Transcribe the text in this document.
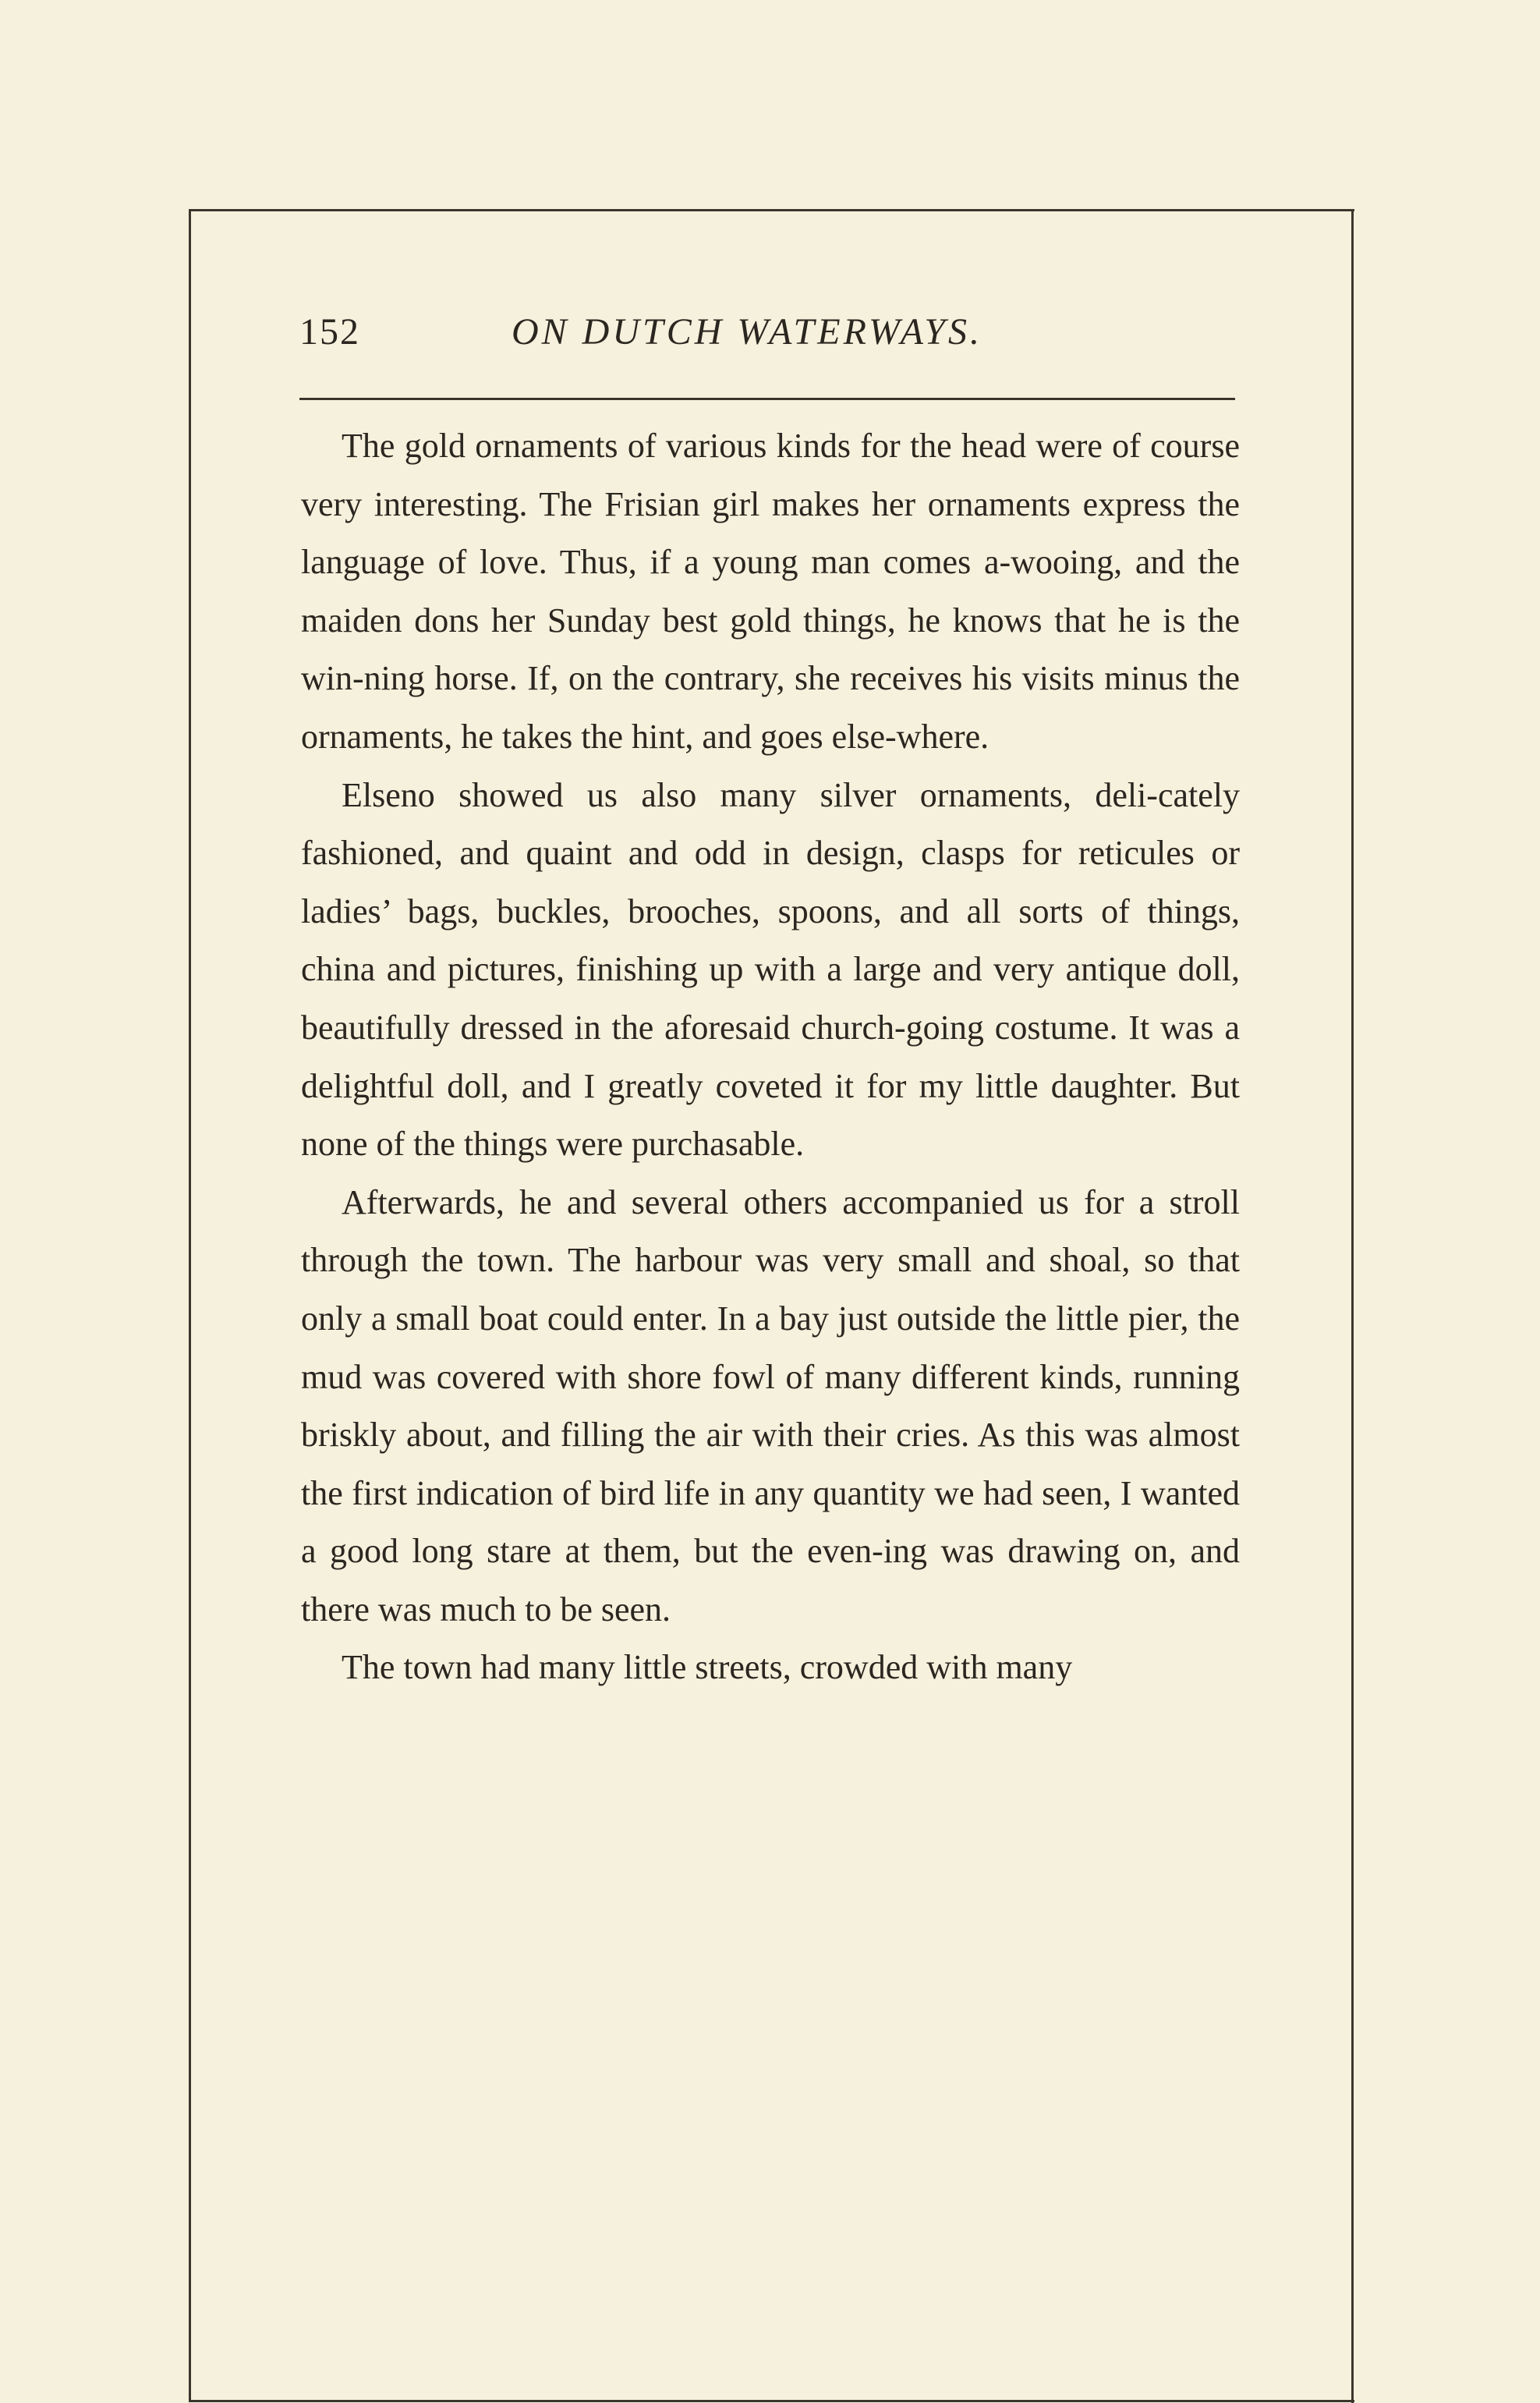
152	ON DUTCH WATERWAYS.

The gold ornaments of various kinds for the head were of course very interesting. The Frisian girl makes her ornaments express the language of love. Thus, if a young man comes a-wooing, and the maiden dons her Sunday best gold things, he knows that he is the win-ning horse. If, on the contrary, she receives his visits minus the ornaments, he takes the hint, and goes else-where.

Elseno showed us also many silver ornaments, deli-cately fashioned, and quaint and odd in design, clasps for reticules or ladies’ bags, buckles, brooches, spoons, and all sorts of things, china and pictures, finishing up with a large and very antique doll, beautifully dressed in the aforesaid church-going costume. It was a delightful doll, and I greatly coveted it for my little daughter. But none of the things were purchasable.

Afterwards, he and several others accompanied us for a stroll through the town. The harbour was very small and shoal, so that only a small boat could enter. In a bay just outside the little pier, the mud was covered with shore fowl of many different kinds, running briskly about, and filling the air with their cries. As this was almost the first indication of bird life in any quantity we had seen, I wanted a good long stare at them, but the even-ing was drawing on, and there was much to be seen.

The town had many little streets, crowded with many
